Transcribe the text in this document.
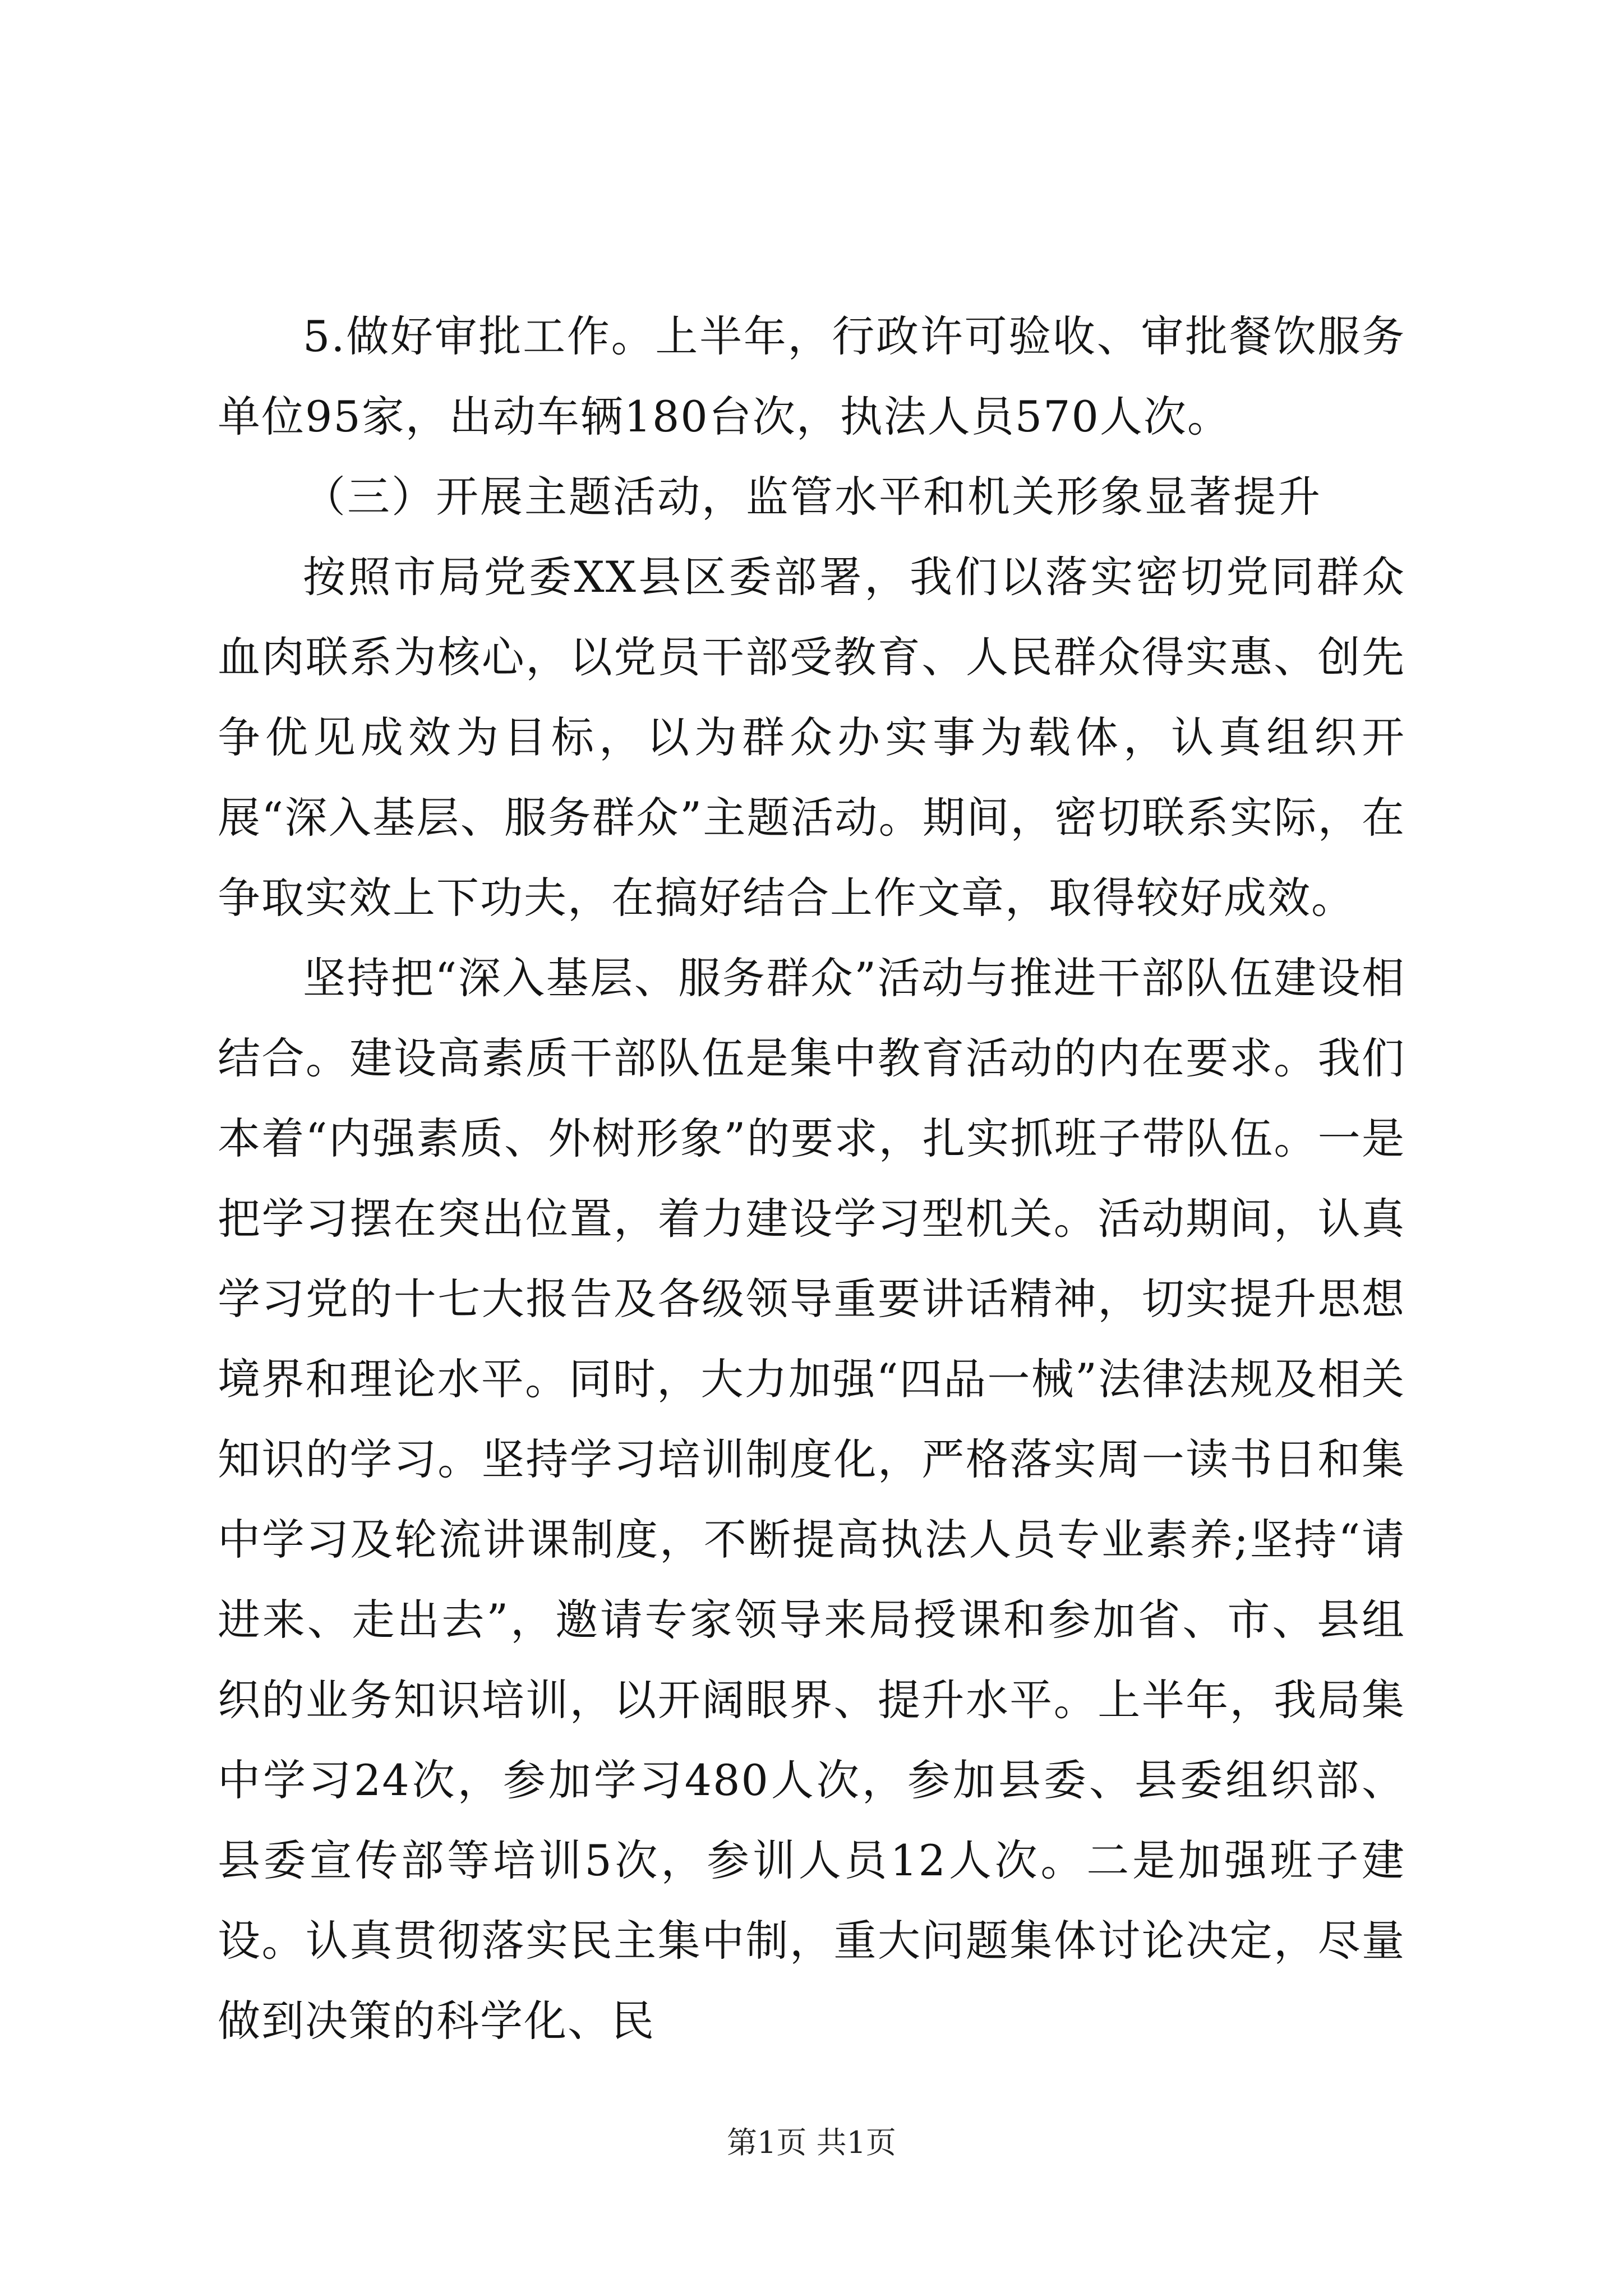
5.做好审批工作。上半年，行政许可验收、审批餐饮服务单位95家，出动车辆180台次，执法人员570人次。

（三）开展主题活动，监管水平和机关形象显著提升

按照市局党委XX县区委部署，我们以落实密切党同群众血肉联系为核心，以党员干部受教育、人民群众得实惠、创先争优见成效为目标，以为群众办实事为载体，认真组织开展“深入基层、服务群众”主题活动。期间，密切联系实际，在争取实效上下功夫，在搞好结合上作文章，取得较好成效。

坚持把“深入基层、服务群众”活动与推进干部队伍建设相结合。建设高素质干部队伍是集中教育活动的内在要求。我们本着“内强素质、外树形象”的要求，扎实抓班子带队伍。一是把学习摆在突出位置，着力建设学习型机关。活动期间，认真学习党的十七大报告及各级领导重要讲话精神，切实提升思想境界和理论水平。同时，大力加强“四品一械”法律法规及相关知识的学习。坚持学习培训制度化，严格落实周一读书日和集中学习及轮流讲课制度，不断提高执法人员专业素养;坚持“请进来、走出去”，邀请专家领导来局授课和参加省、市、县组织的业务知识培训，以开阔眼界、提升水平。上半年，我局集中学习24次，参加学习480人次，参加县委、县委组织部、县委宣传部等培训5次，参训人员12人次。二是加强班子建设。认真贯彻落实民主集中制，重大问题集体讨论决定，尽量做到决策的科学化、民

第1页 共1页
